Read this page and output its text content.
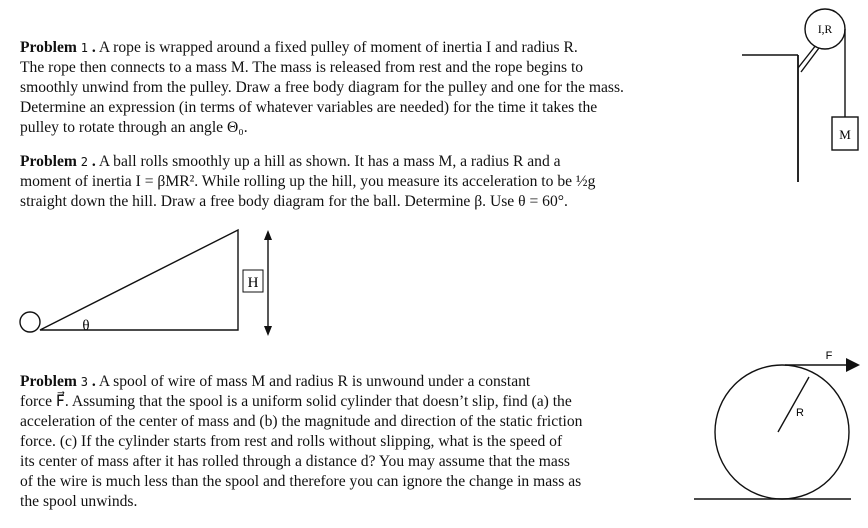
Problem 1 . A rope is wrapped around a fixed pulley of moment of inertia I and radius R.
The rope then connects to a mass M. The mass is released from rest and the rope begins to
smoothly unwind from the pulley. Draw a free body diagram for the pulley and one for the mass.
Determine an expression (in terms of whatever variables are needed) for the time it takes the
pulley to rotate through an angle Θ₀.
Problem 2 . A ball rolls smoothly up a hill as shown. It has a mass M, a radius R and a
moment of inertia I = βMR². While rolling up the hill, you measure its acceleration to be ½g
straight down the hill. Draw a free body diagram for the ball. Determine β. Use θ = 60°.
Problem 3 . A spool of wire of mass M and radius R is unwound under a constant
force F⃗. Assuming that the spool is a uniform solid cylinder that doesn’t slip, find (a) the
acceleration of the center of mass and (b) the magnitude and direction of the static friction
force. (c) If the cylinder starts from rest and rolls without slipping, what is the speed of
its center of mass after it has rolled through a distance d? You may assume that the mass
of the wire is much less than the spool and therefore you can ignore the change in mass as
the spool unwinds.
I,R
M
H
θ
F
R
